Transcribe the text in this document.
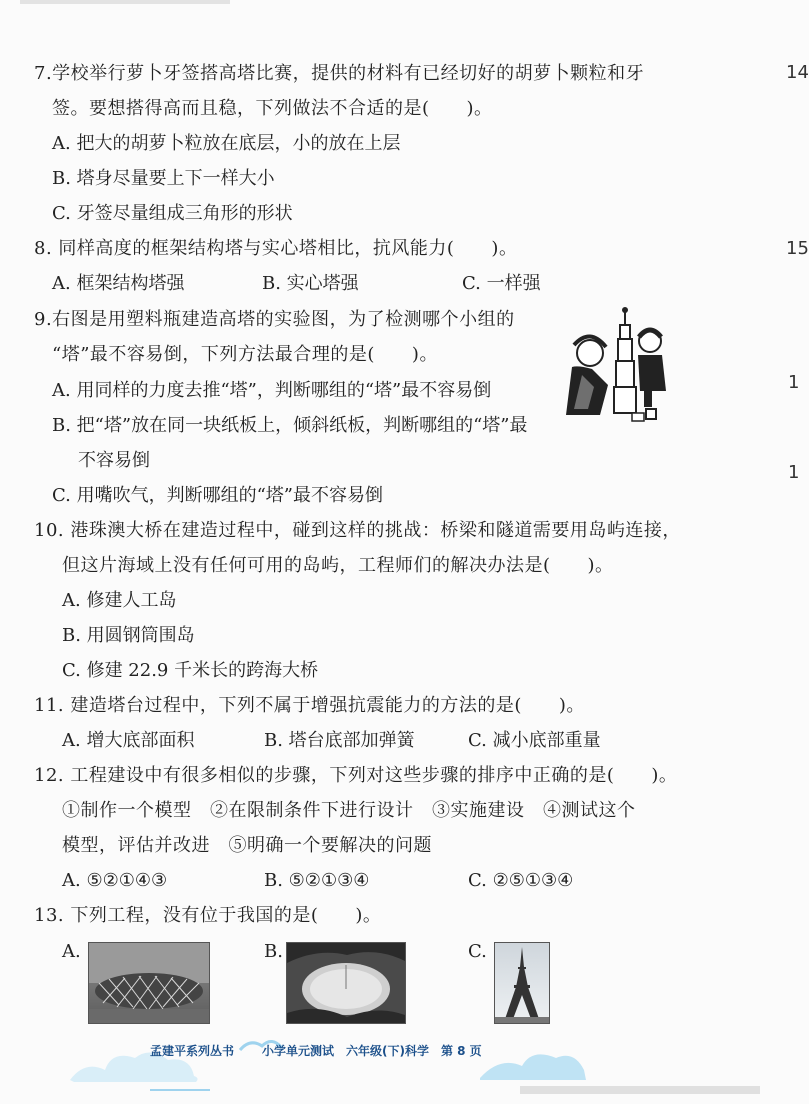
7.学校举行萝卜牙签搭高塔比赛，提供的材料有已经切好的胡萝卜颗粒和牙
签。要想搭得高而且稳，下列做法不合适的是(　　)。
A. 把大的胡萝卜粒放在底层，小的放在上层
B. 塔身尽量要上下一样大小
C. 牙签尽量组成三角形的形状
8. 同样高度的框架结构塔与实心塔相比，抗风能力(　　)。
A. 框架结构塔强	B. 实心塔强	C. 一样强
9.右图是用塑料瓶建造高塔的实验图，为了检测哪个小组的
“塔”最不容易倒，下列方法最合理的是(　　)。
A. 用同样的力度去推“塔”，判断哪组的“塔”最不容易倒
B. 把“塔”放在同一块纸板上，倾斜纸板，判断哪组的“塔”最
不容易倒
C. 用嘴吹气，判断哪组的“塔”最不容易倒
10. 港珠澳大桥在建造过程中，碰到这样的挑战：桥梁和隧道需要用岛屿连接，
但这片海域上没有任何可用的岛屿，工程师们的解决办法是(　　)。
A. 修建人工岛
B. 用圆钢筒围岛
C. 修建 22.9 千米长的跨海大桥
11. 建造塔台过程中，下列不属于增强抗震能力的方法的是(　　)。
A. 增大底部面积	B. 塔台底部加弹簧	C. 减小底部重量
12. 工程建设中有很多相似的步骤，下列对这些步骤的排序中正确的是(　　)。
①制作一个模型　②在限制条件下进行设计　③实施建设　④测试这个
模型，评估并改进　⑤明确一个要解决的问题
A. ⑤②①④③	B. ⑤②①③④	C. ②⑤①③④
13. 下列工程，没有位于我国的是(　　)。
A.	B.	C.
14
15
1
1
孟建平系列丛书 小学单元测试　六年级(下)科学　第 8 页
